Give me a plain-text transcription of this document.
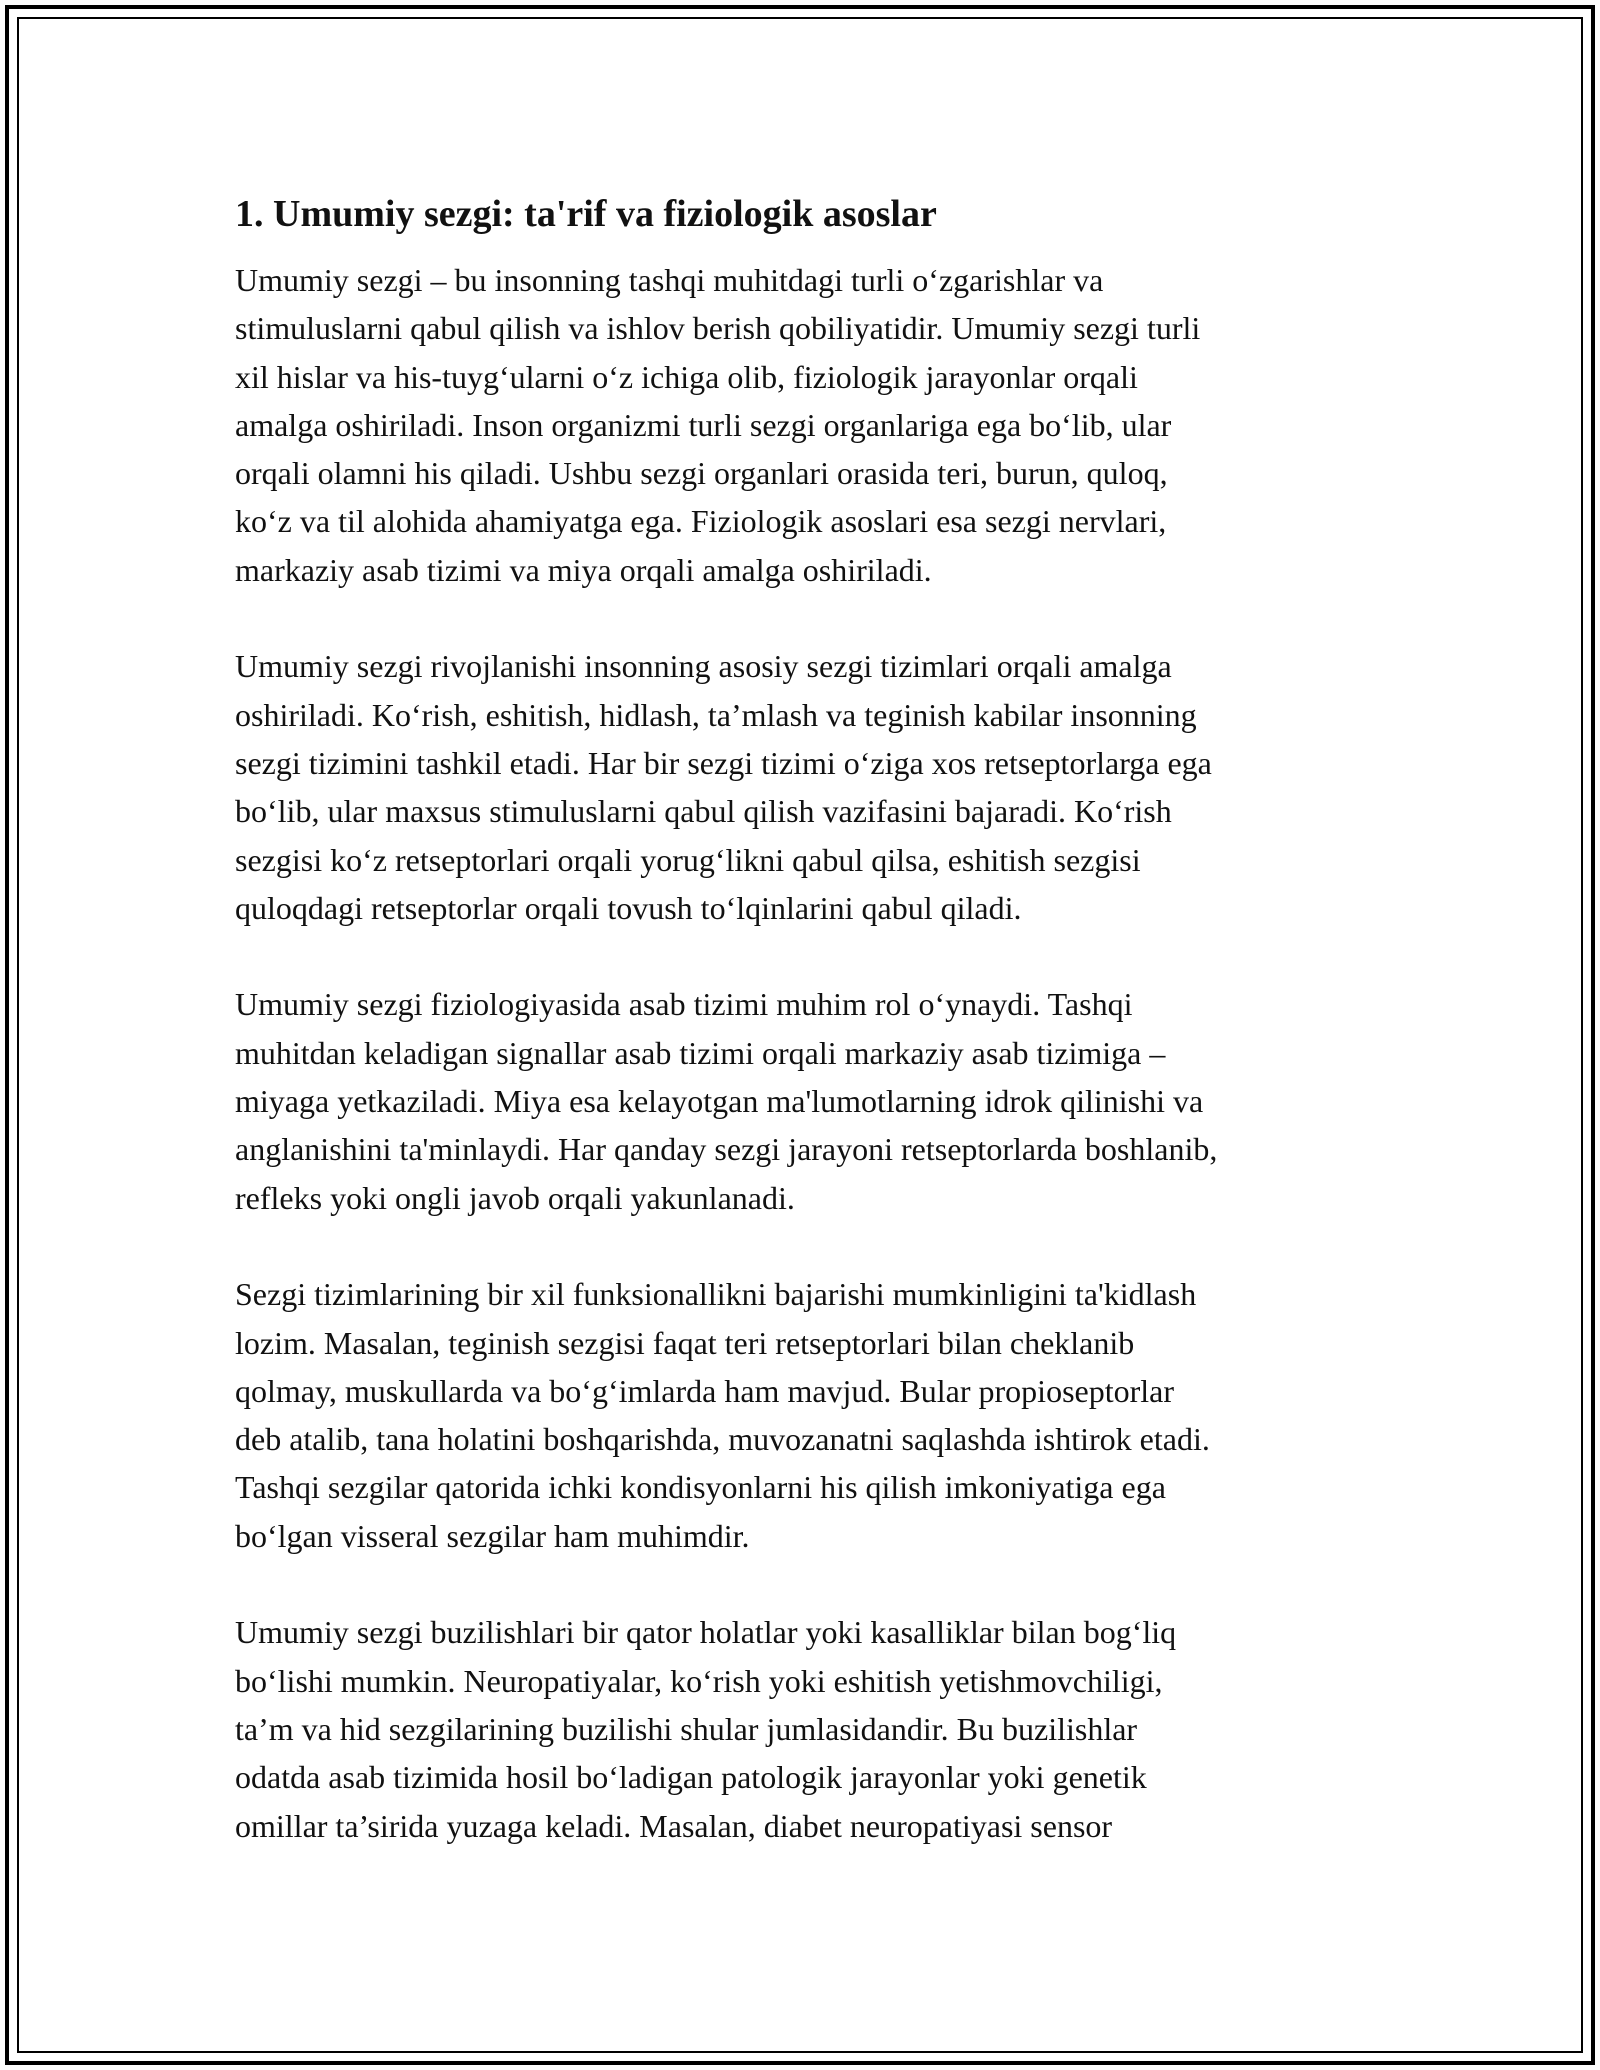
1. Umumiy sezgi: ta'rif va fiziologik asoslar
Umumiy sezgi – bu insonning tashqi muhitdagi turli o‘zgarishlar va
stimuluslarni qabul qilish va ishlov berish qobiliyatidir. Umumiy sezgi turli
xil hislar va his-tuyg‘ularni o‘z ichiga olib, fiziologik jarayonlar orqali
amalga oshiriladi. Inson organizmi turli sezgi organlariga ega bo‘lib, ular
orqali olamni his qiladi. Ushbu sezgi organlari orasida teri, burun, quloq,
ko‘z va til alohida ahamiyatga ega. Fiziologik asoslari esa sezgi nervlari,
markaziy asab tizimi va miya orqali amalga oshiriladi.
Umumiy sezgi rivojlanishi insonning asosiy sezgi tizimlari orqali amalga
oshiriladi. Ko‘rish, eshitish, hidlash, ta’mlash va teginish kabilar insonning
sezgi tizimini tashkil etadi. Har bir sezgi tizimi o‘ziga xos retseptorlarga ega
bo‘lib, ular maxsus stimuluslarni qabul qilish vazifasini bajaradi. Ko‘rish
sezgisi ko‘z retseptorlari orqali yorug‘likni qabul qilsa, eshitish sezgisi
quloqdagi retseptorlar orqali tovush to‘lqinlarini qabul qiladi.
Umumiy sezgi fiziologiyasida asab tizimi muhim rol o‘ynaydi. Tashqi
muhitdan keladigan signallar asab tizimi orqali markaziy asab tizimiga –
miyaga yetkaziladi. Miya esa kelayotgan ma'lumotlarning idrok qilinishi va
anglanishini ta'minlaydi. Har qanday sezgi jarayoni retseptorlarda boshlanib,
refleks yoki ongli javob orqali yakunlanadi.
Sezgi tizimlarining bir xil funksionallikni bajarishi mumkinligini ta'kidlash
lozim. Masalan, teginish sezgisi faqat teri retseptorlari bilan cheklanib
qolmay, muskullarda va bo‘g‘imlarda ham mavjud. Bular propioseptorlar
deb atalib, tana holatini boshqarishda, muvozanatni saqlashda ishtirok etadi.
Tashqi sezgilar qatorida ichki kondisyonlarni his qilish imkoniyatiga ega
bo‘lgan visseral sezgilar ham muhimdir.
Umumiy sezgi buzilishlari bir qator holatlar yoki kasalliklar bilan bog‘liq
bo‘lishi mumkin. Neuropatiyalar, ko‘rish yoki eshitish yetishmovchiligi,
ta’m va hid sezgilarining buzilishi shular jumlasidandir. Bu buzilishlar
odatda asab tizimida hosil bo‘ladigan patologik jarayonlar yoki genetik
omillar ta’sirida yuzaga keladi. Masalan, diabet neuropatiyasi sensor
